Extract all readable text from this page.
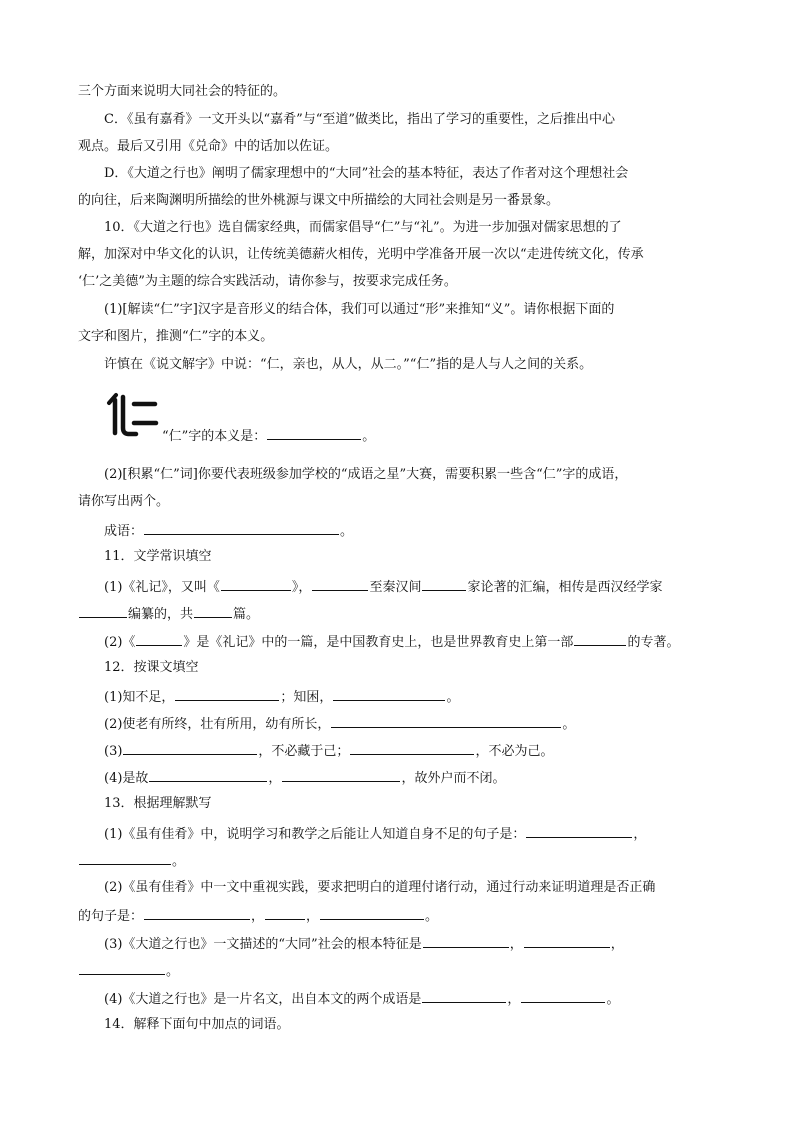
三个方面来说明大同社会的特征的。
C．《虽有嘉肴》一文开头以“嘉肴”与“至道”做类比，指出了学习的重要性，之后推出中心
观点。最后又引用《兑命》中的话加以佐证。
D．《大道之行也》阐明了儒家理想中的“大同”社会的基本特征，表达了作者对这个理想社会
的向往，后来陶渊明所描绘的世外桃源与课文中所描绘的大同社会则是另一番景象。
10．《大道之行也》选自儒家经典，而儒家倡导“仁”与“礼”。为进一步加强对儒家思想的了
解，加深对中华文化的认识，让传统美德薪火相传，光明中学准备开展一次以“走进传统文化，传承
‘仁’之美德”为主题的综合实践活动，请你参与，按要求完成任务。
(1)[解读“仁”字]汉字是音形义的结合体，我们可以通过“形”来推知“义”。请你根据下面的
文字和图片，推测“仁”字的本义。
许慎在《说文解字》中说：“仁，亲也，从人，从二。”“仁”指的是人与人之间的关系。
“仁”字的本义是：	。
(2)[积累“仁”词]你要代表班级参加学校的“成语之星”大赛，需要积累一些含“仁”字的成语，
请你写出两个。
成语：	。
11．文学常识填空
(1)《礼记》，又叫《	》，	至秦汉间	家论著的汇编，相传是西汉经学家
编纂的，共	篇。
(2)《	》是《礼记》中的一篇，是中国教育史上，也是世界教育史上第一部	的专著。
12．按课文填空
(1)知不足，	；知困，	。
(2)使老有所终，壮有所用，幼有所长，	。
(3)	，不必藏于己；	，不必为己。
(4)是故	，	，故外户而不闭。
13．根据理解默写
(1)《虽有佳肴》中，说明学习和教学之后能让人知道自身不足的句子是：	，
。
(2)《虽有佳肴》中一文中重视实践，要求把明白的道理付诸行动，通过行动来证明道理是否正确
的句子是：	，	，	。
(3)《大道之行也》一文描述的“大同”社会的根本特征是	，	，
。
(4)《大道之行也》是一片名文，出自本文的两个成语是	，	。
14．解释下面句中加点的词语。
